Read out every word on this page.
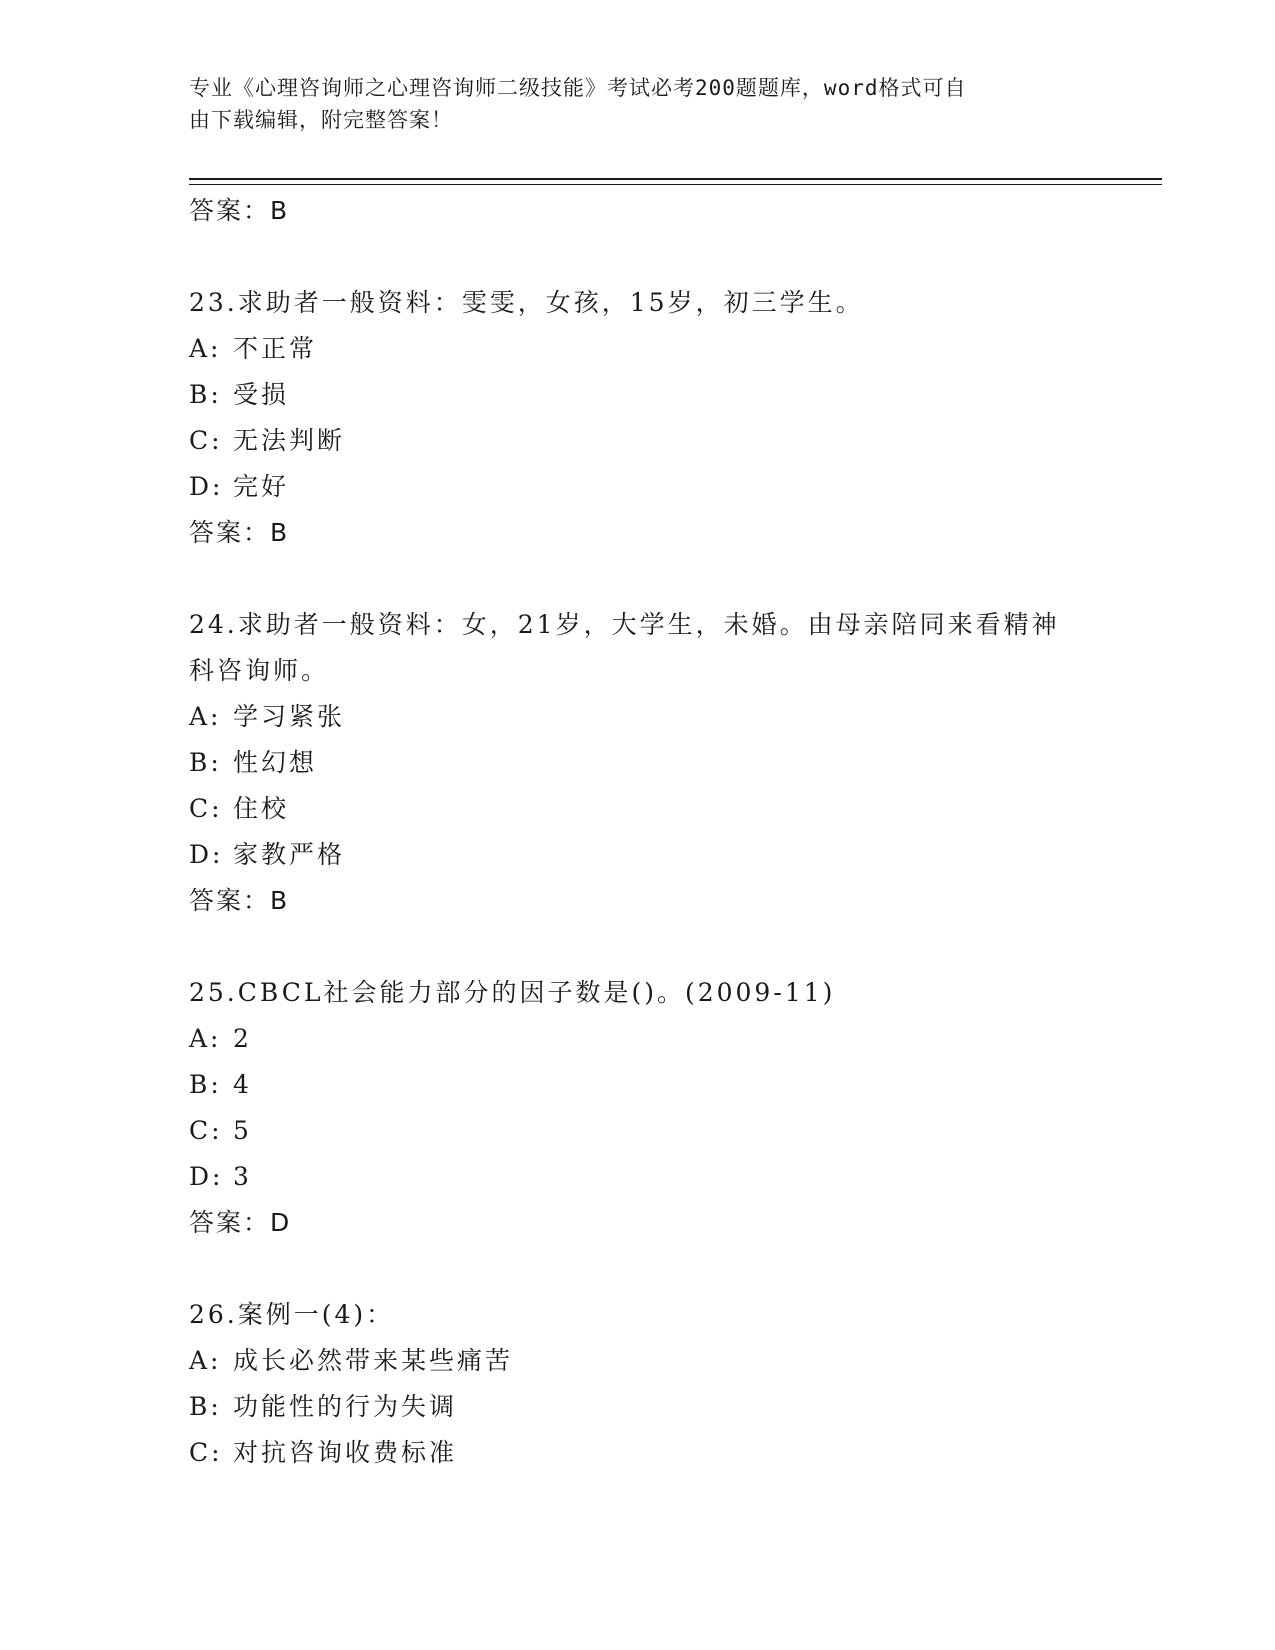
专业《心理咨询师之心理咨询师二级技能》考试必考200题题库，word格式可自
由下载编辑，附完整答案！
答案：B
23.求助者一般资料：雯雯，女孩，15岁，初三学生。
A: 不正常
B: 受损
C: 无法判断
D: 完好
答案：B
24.求助者一般资料：女，21岁，大学生，未婚。由母亲陪同来看精神
科咨询师。
A: 学习紧张
B: 性幻想
C: 住校
D: 家教严格
答案：B
25.CBCL社会能力部分的因子数是()。(2009-11)
A: 2
B: 4
C: 5
D: 3
答案：D
26.案例一(4)：
A: 成长必然带来某些痛苦
B: 功能性的行为失调
C: 对抗咨询收费标准
